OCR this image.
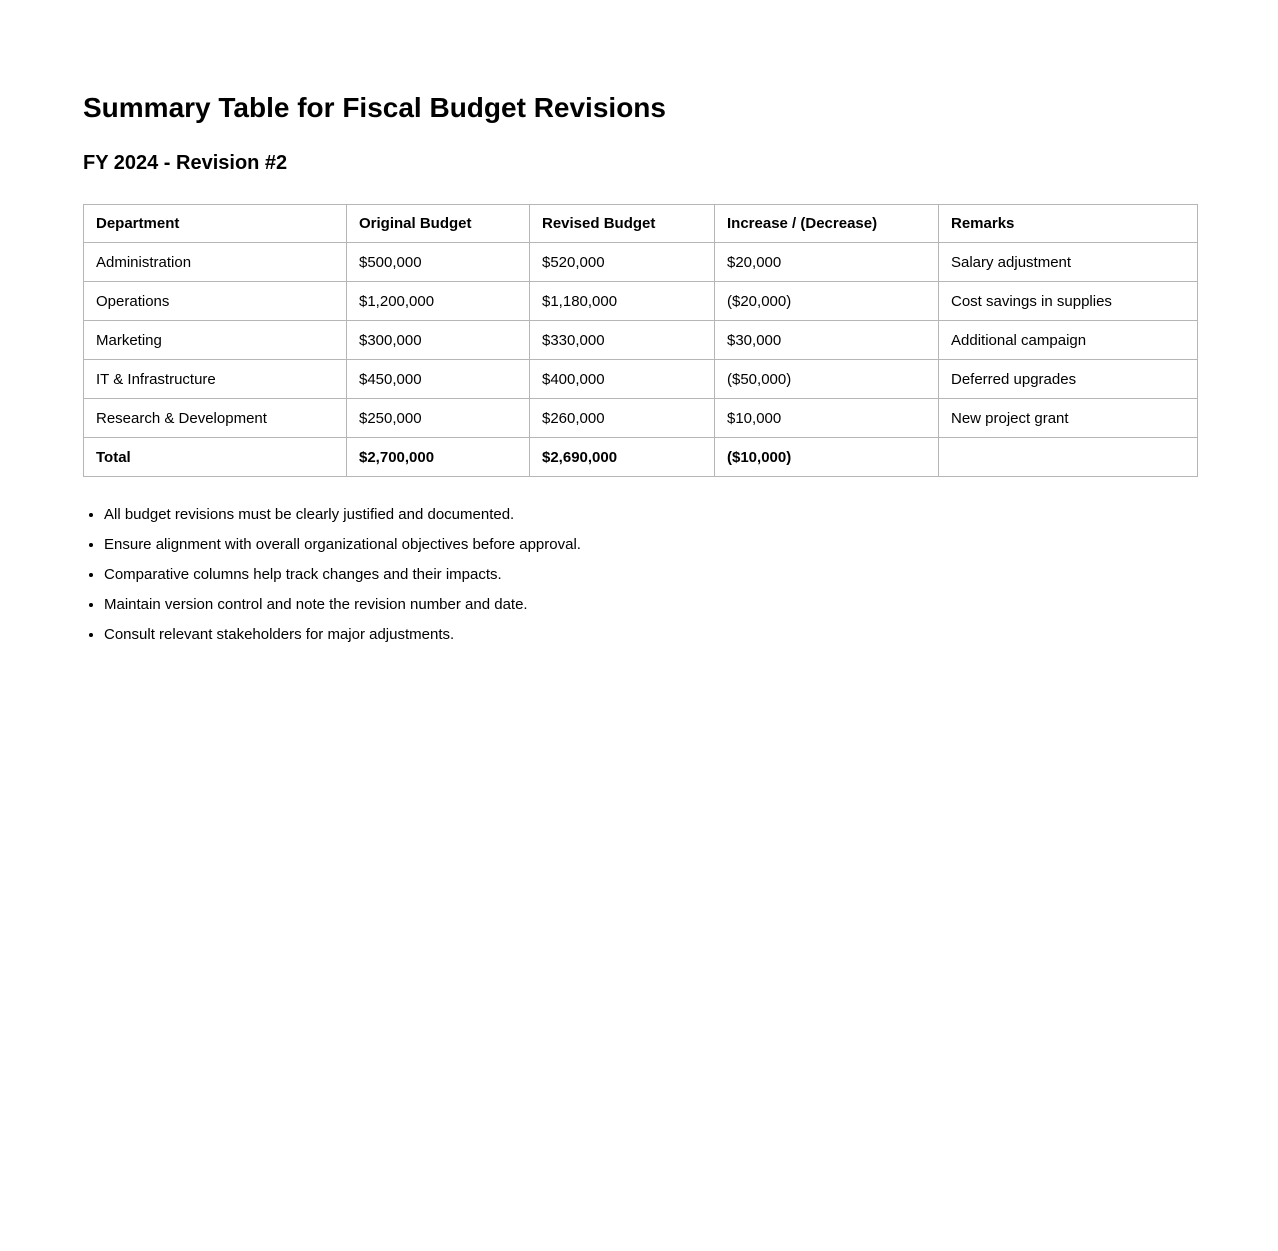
Summary Table for Fiscal Budget Revisions
FY 2024 - Revision #2
Department	Original Budget	Revised Budget	Increase / (Decrease)	Remarks
Administration	$500,000	$520,000	$20,000	Salary adjustment
Operations	$1,200,000	$1,180,000	($20,000)	Cost savings in supplies
Marketing	$300,000	$330,000	$30,000	Additional campaign
IT & Infrastructure	$450,000	$400,000	($50,000)	Deferred upgrades
Research & Development	$250,000	$260,000	$10,000	New project grant
Total	$2,700,000	$2,690,000	($10,000)	
• All budget revisions must be clearly justified and documented.
• Ensure alignment with overall organizational objectives before approval.
• Comparative columns help track changes and their impacts.
• Maintain version control and note the revision number and date.
• Consult relevant stakeholders for major adjustments.
